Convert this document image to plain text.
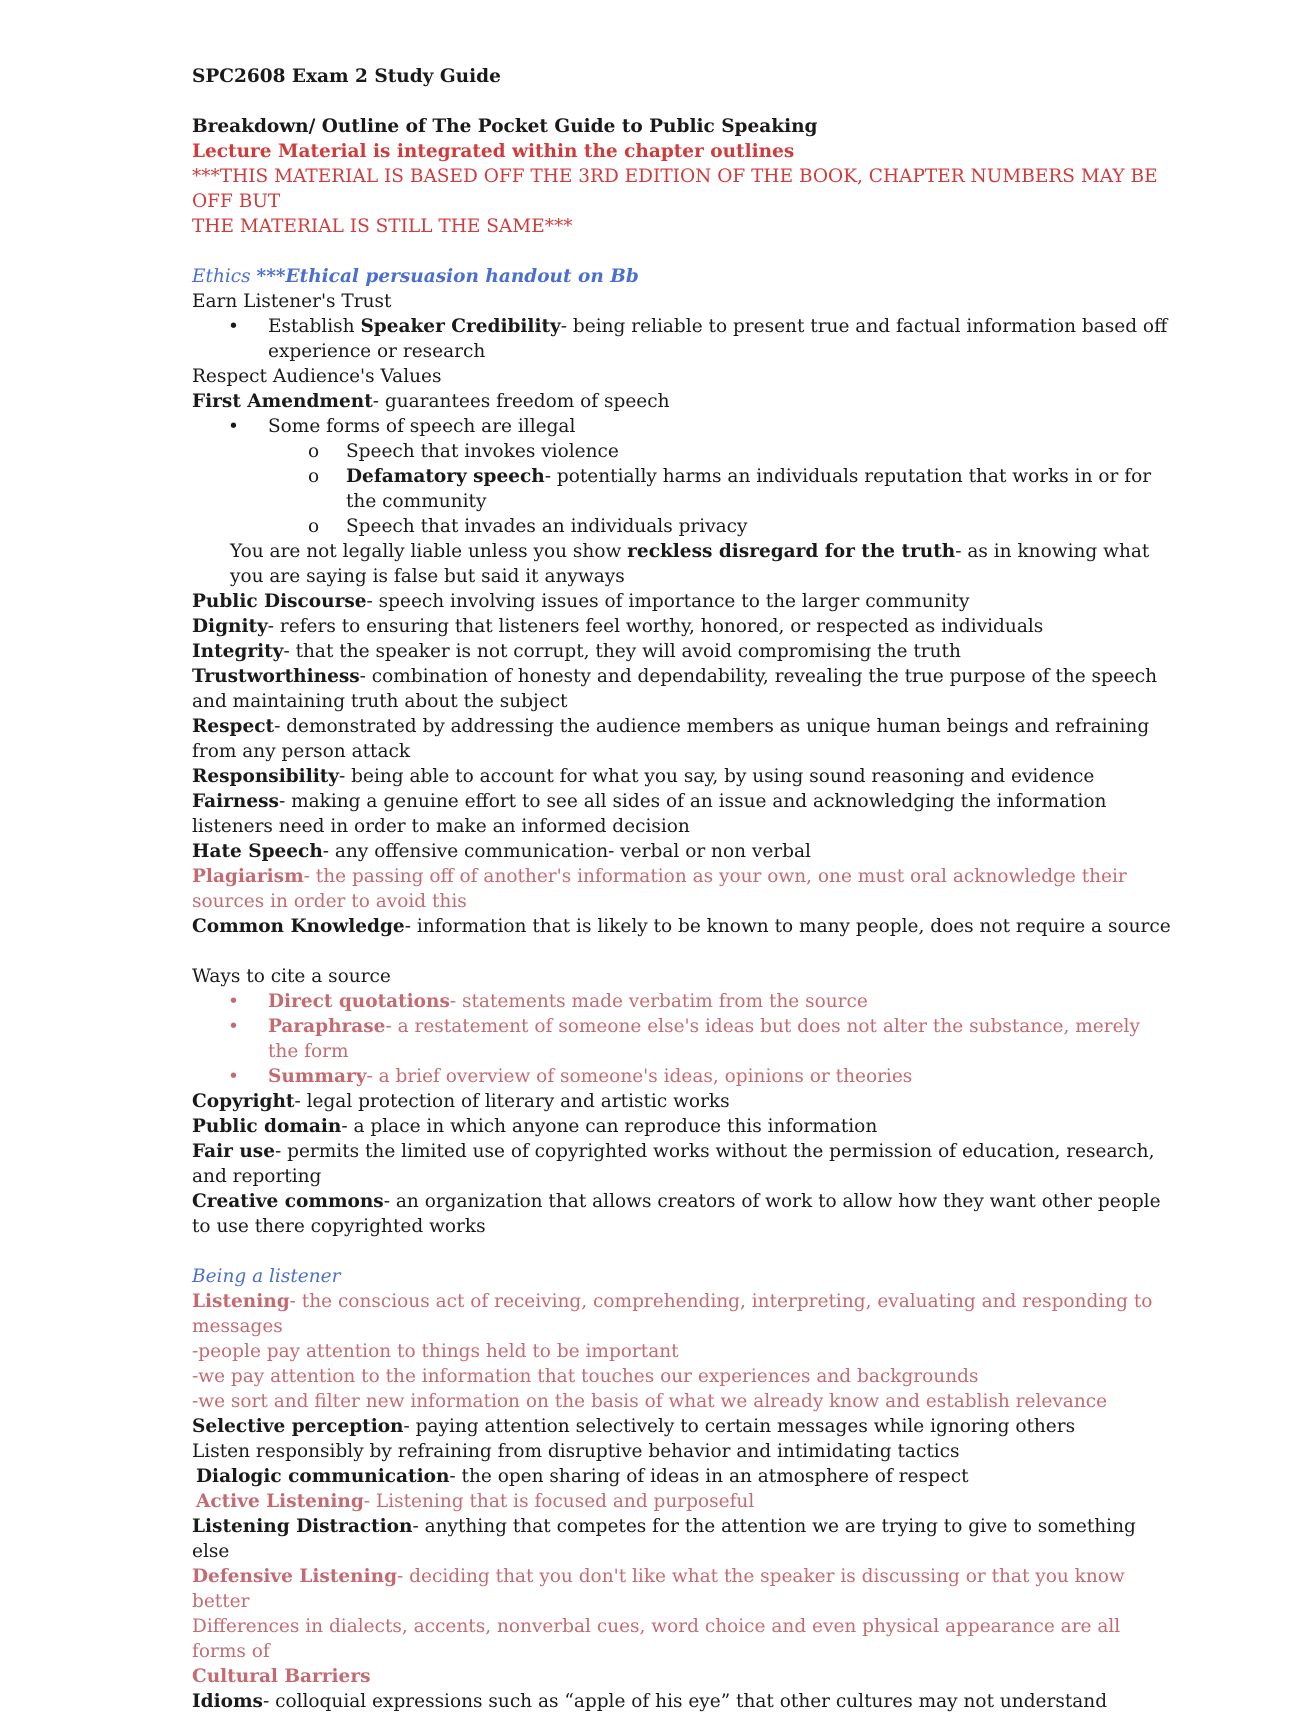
SPC2608 Exam 2 Study Guide

Breakdown/ Outline of The Pocket Guide to Public Speaking

Lecture Material is integrated within the chapter outlines

***THIS MATERIAL IS BASED OFF THE 3RD EDITION OF THE BOOK, CHAPTER NUMBERS MAY BE OFF BUT

THE MATERIAL IS STILL THE SAME***

Ethics ***Ethical persuasion handout on Bb

Earn Listener's Trust

• Establish Speaker Credibility- being reliable to present true and factual information based off experience or research

Respect Audience's Values

First Amendment- guarantees freedom of speech

• Some forms of speech are illegal

o Speech that invokes violence

o Defamatory speech- potentially harms an individuals reputation that works in or for the community

o Speech that invades an individuals privacy

You are not legally liable unless you show reckless disregard for the truth- as in knowing what you are saying is false but said it anyways

Public Discourse- speech involving issues of importance to the larger community

Dignity- refers to ensuring that listeners feel worthy, honored, or respected as individuals

Integrity- that the speaker is not corrupt, they will avoid compromising the truth

Trustworthiness- combination of honesty and dependability, revealing the true purpose of the speech and maintaining truth about the subject

Respect- demonstrated by addressing the audience members as unique human beings and refraining from any person attack

Responsibility- being able to account for what you say, by using sound reasoning and evidence

Fairness- making a genuine effort to see all sides of an issue and acknowledging the information listeners need in order to make an informed decision

Hate Speech- any offensive communication- verbal or non verbal

Plagiarism- the passing off of another's information as your own, one must oral acknowledge their sources in order to avoid this

Common Knowledge- information that is likely to be known to many people, does not require a source

Ways to cite a source

• Direct quotations- statements made verbatim from the source

• Paraphrase- a restatement of someone else's ideas but does not alter the substance, merely the form

• Summary- a brief overview of someone's ideas, opinions or theories

Copyright- legal protection of literary and artistic works

Public domain- a place in which anyone can reproduce this information

Fair use- permits the limited use of copyrighted works without the permission of education, research, and reporting

Creative commons- an organization that allows creators of work to allow how they want other people to use there copyrighted works

Being a listener

Listening- the conscious act of receiving, comprehending, interpreting, evaluating and responding to messages

-people pay attention to things held to be important

-we pay attention to the information that touches our experiences and backgrounds

-we sort and filter new information on the basis of what we already know and establish relevance

Selective perception- paying attention selectively to certain messages while ignoring others

Listen responsibly by refraining from disruptive behavior and intimidating tactics

Dialogic communication- the open sharing of ideas in an atmosphere of respect

Active Listening- Listening that is focused and purposeful

Listening Distraction- anything that competes for the attention we are trying to give to something else

Defensive Listening- deciding that you don't like what the speaker is discussing or that you know better

Differences in dialects, accents, nonverbal cues, word choice and even physical appearance are all forms of

Cultural Barriers

Idioms- colloquial expressions such as “apple of his eye” that other cultures may not understand
